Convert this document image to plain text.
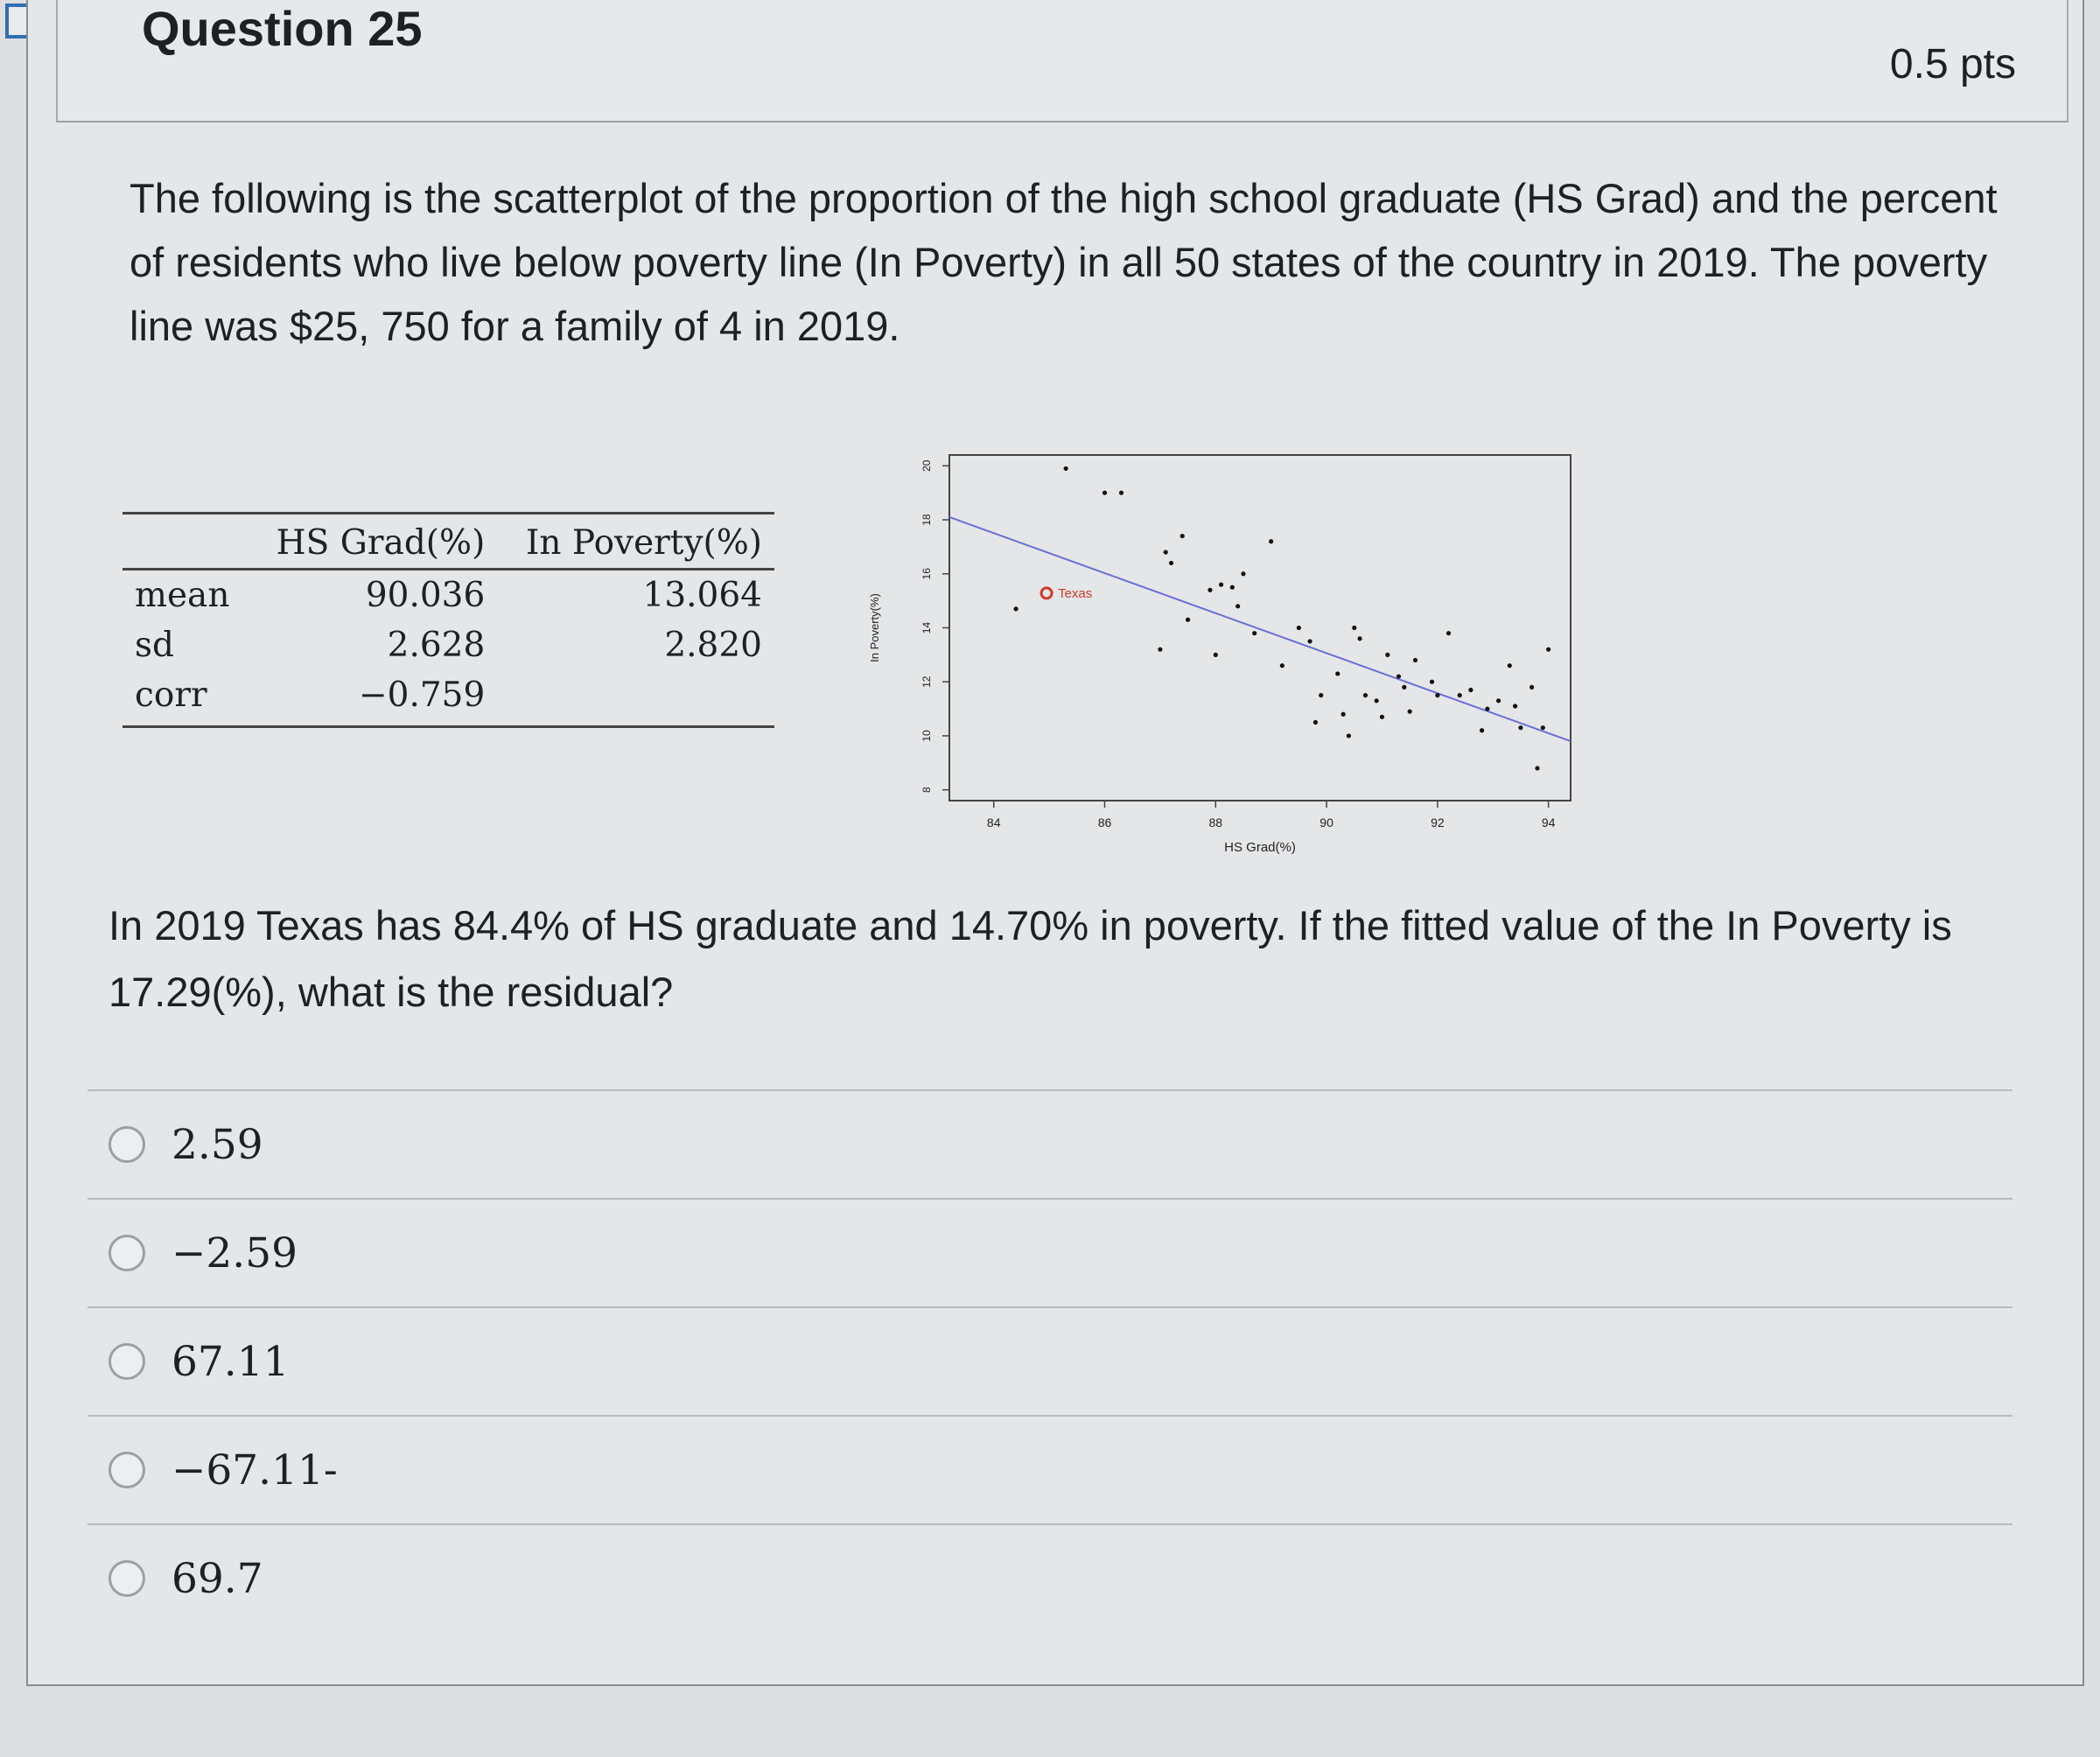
Question 25
0.5 pts
The following is the scatterplot of the proportion of the high school graduate (HS Grad) and the percent of residents who live below poverty line (In Poverty) in all 50 states of the country in 2019. The poverty line was $25, 750 for a family of 4 in 2019.
	HS Grad(%)	In Poverty(%)
mean	90.036	13.064
sd	2.628	2.820
corr	−0.759	
84	86	88	90	92	94
8
10
12
14
16
18
20
HS Grad(%)
In Poverty(%)	Texas
In 2019 Texas has 84.4% of HS graduate and 14.70% in poverty. If the fitted value of the In Poverty is 17.29(%), what is the residual?
2.59
−2.59
67.11
−67.11-
69.7
